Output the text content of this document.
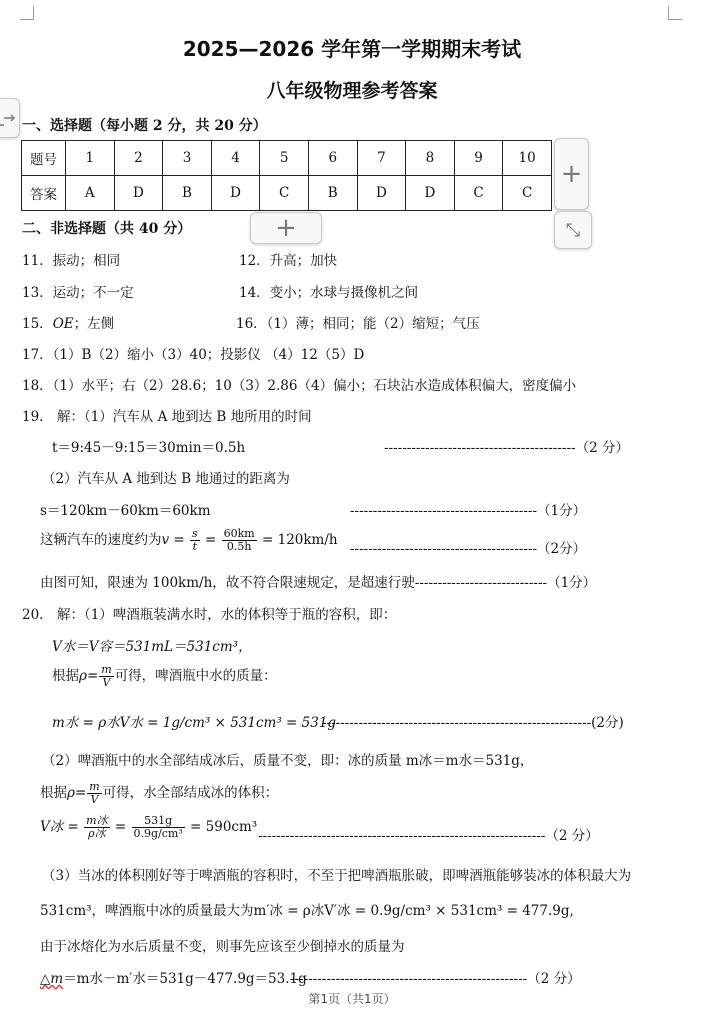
2025—2026 学年第一学期期末考试
八年级物理参考答案
一、选择题（每小题 2 分，共 20 分）
题号	1	2	3	4	5	6	7	8	9	10
答案	A	D	B	D	C	B	D	D	C	C
+
⤡
+
二、非选择题（共 40 分）
11．振动；相同	12．升高；加快
13．运动；不一定	14．变小；水球与摄像机之间
15．OE；左侧	16．（1）薄；相同；能（2）缩短；气压
17．（1）B（2）缩小（3）40；投影仪 （4）12（5）D
18．（1）水平；右（2）28.6；10（3）2.86（4）偏小；石块沾水造成体积偏大，密度偏小
19． 解：（1）汽车从 A 地到达 B 地所用的时间
t＝9:45－9:15＝30min＝0.5h	------------------------------------------（2 分）
（2）汽车从 A 地到达 B 地通过的距离为
s＝120km－60km＝60km	-----------------------------------------（1分）
这辆汽车的速度约为$v = \frac{s}{t} = \frac{60km}{0.5h} = 120km/h$
-----------------------------------------（2分）
由图可知，限速为 100km/h，故不符合限速规定，是超速行驶-----------------------------（1分）
20． 解：（1）啤酒瓶装满水时，水的体积等于瓶的容积，即：
V水＝V容＝531mL＝531cm³，
根据$\rho= \frac{m}{V}$ 可得，啤酒瓶中水的质量：
m水 = ρ水V水 = 1g/cm³ × 531cm³ = 531g
-----------------------------------------------------------(2分)
（2）啤酒瓶中的水全部结成冰后，质量不变，即：冰的质量 m冰＝m水＝531g，
根据$\rho= \frac{m}{V}$ 可得，水全部结成冰的体积：
V冰 = $\frac{\text{m冰}}{\text{ρ冰}} = \frac{531g}{\text{0.9g/cm³}} = 590cm^3$
---------------------------------------------------------------（2 分）
（3）当冰的体积刚好等于啤酒瓶的容积时，不至于把啤酒瓶胀破，即啤酒瓶能够装冰的体积最大为
531cm³，啤酒瓶中冰的质量最大为m′冰 = ρ冰V′冰 = 0.9g/cm³ × 531cm³ = 477.9g,
由于冰熔化为水后质量不变，则事先应该至少倒掉水的质量为
△m＝m水－m′水＝531g－477.9g＝53.1g
----------------------------------------------------（2 分）
第1页（共1页）
